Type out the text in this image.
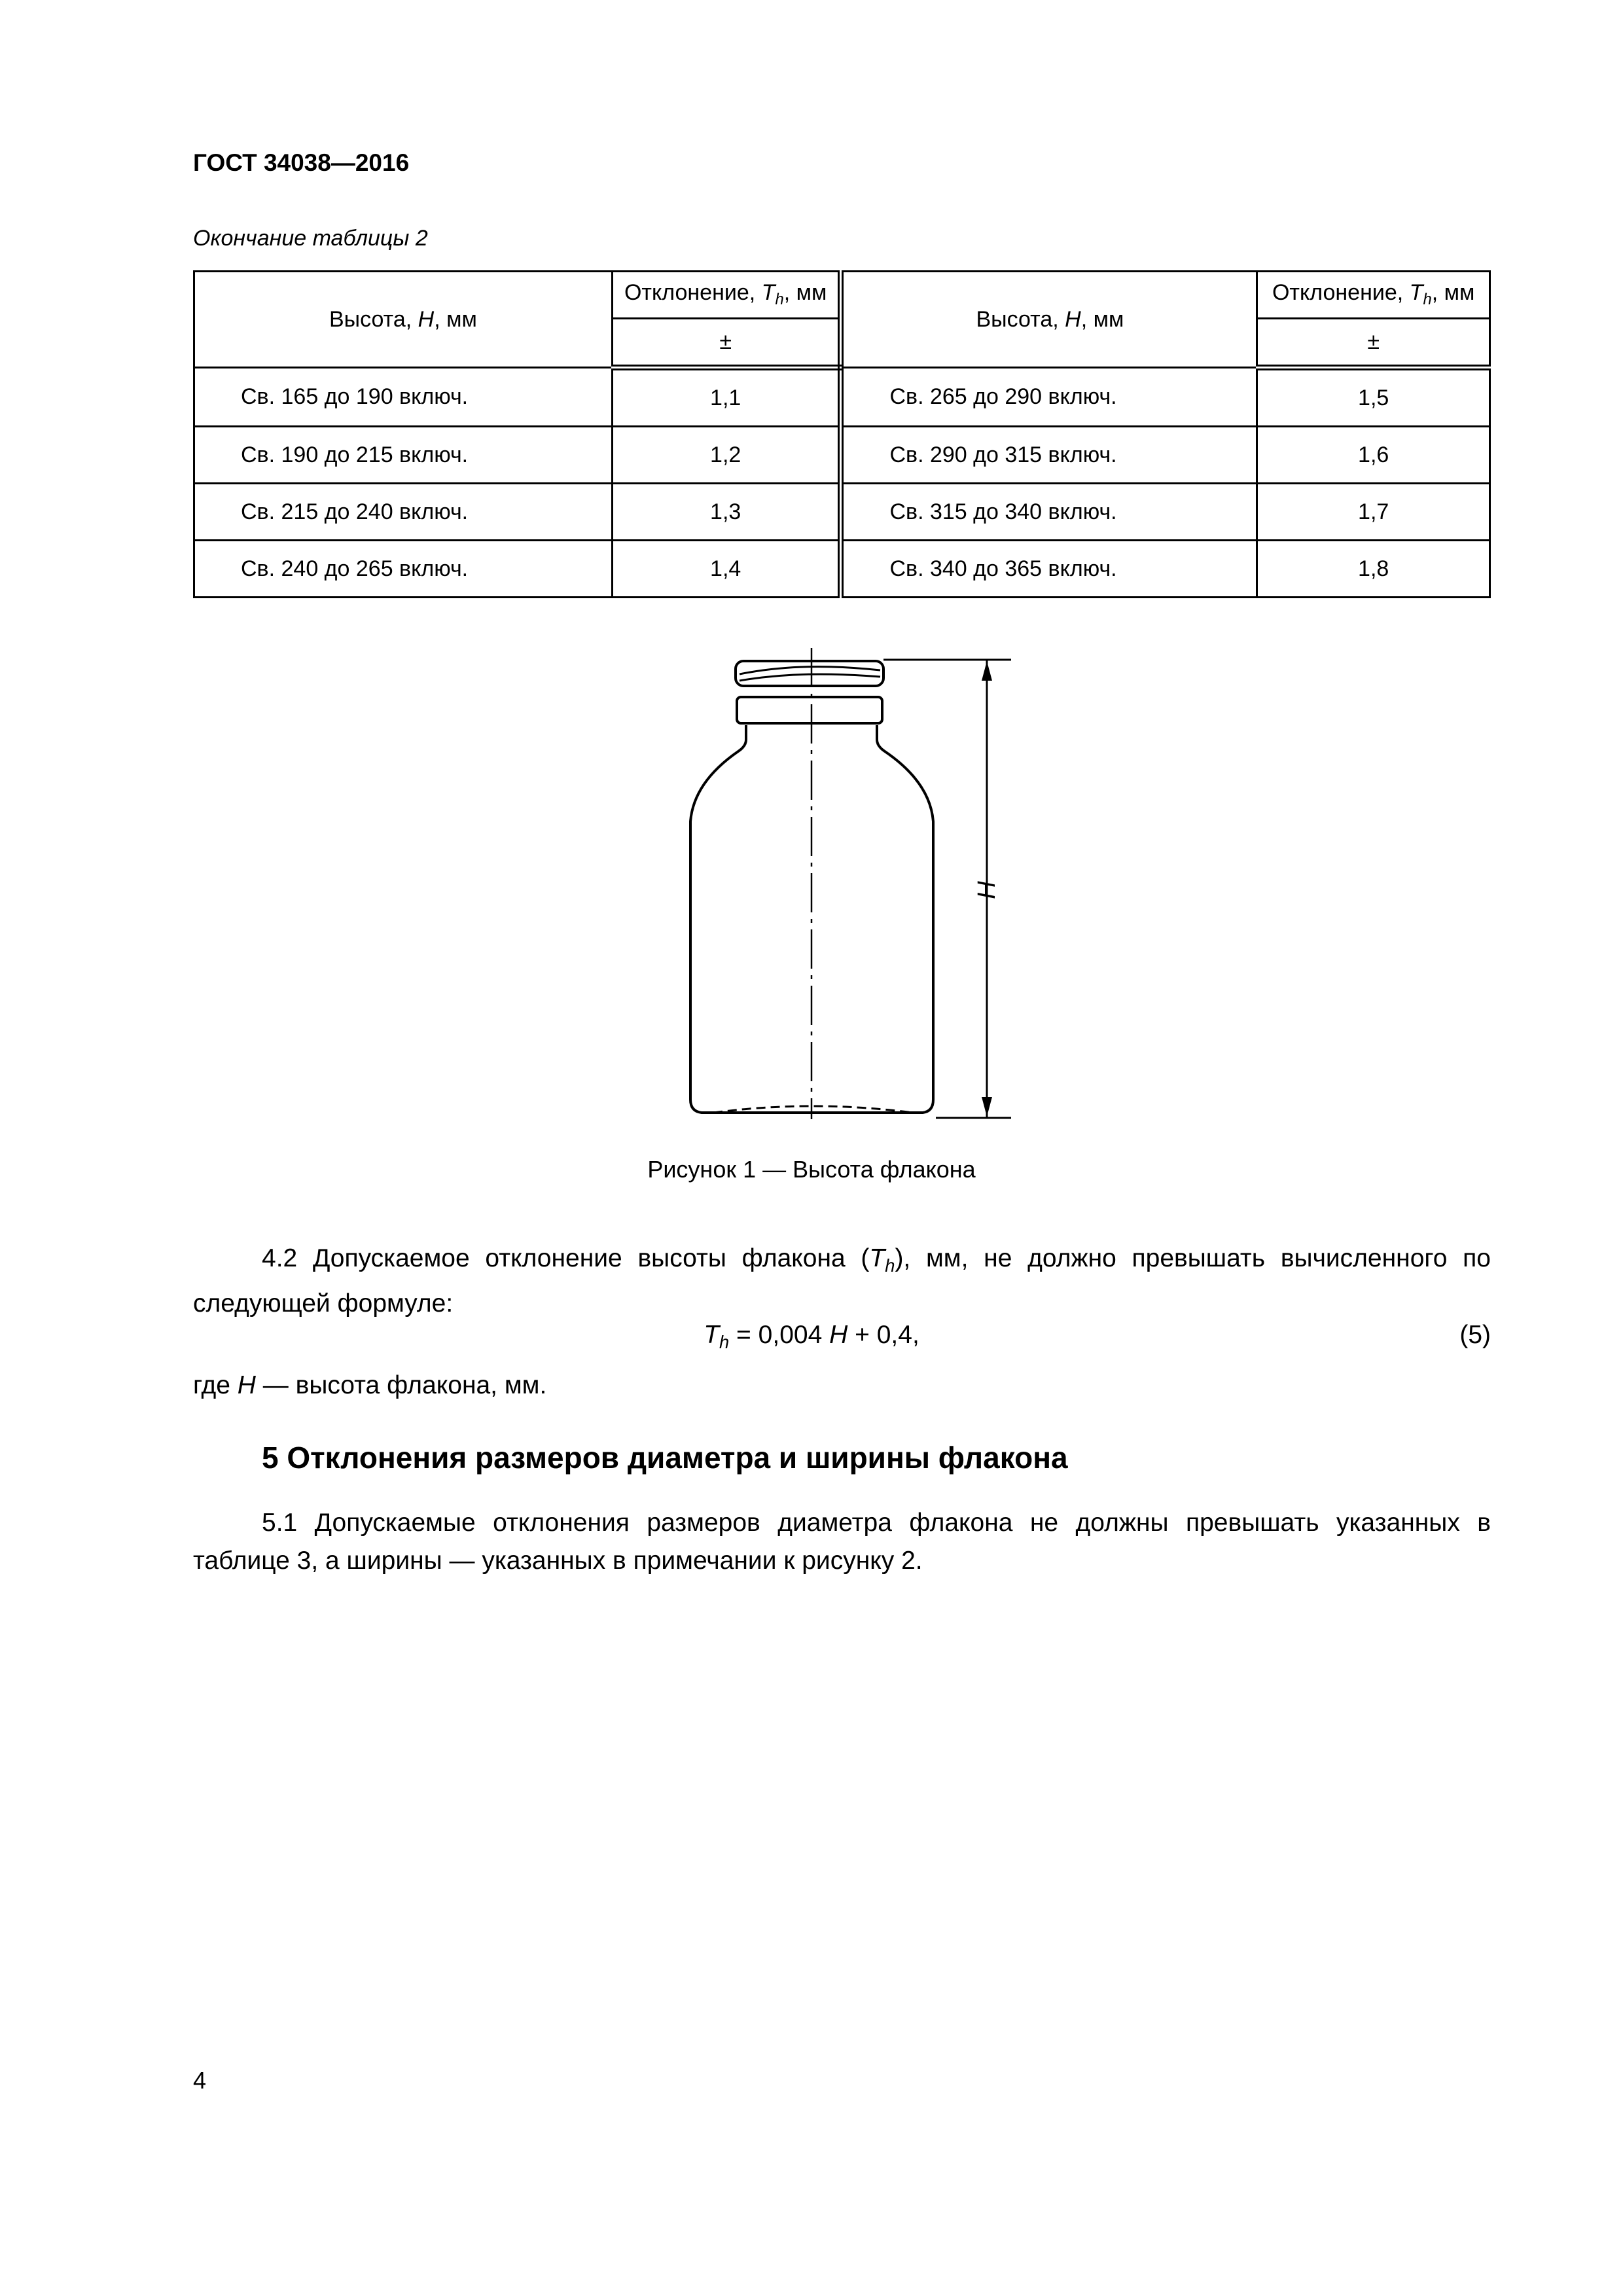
ГОСТ 34038—2016
Окончание таблицы 2
Высота, H, мм	Отклонение, $T_h$, мм	Высота, H, мм	Отклонение, $T_h$, мм
	±		±
Св. 165 до 190 включ.	1,1	Св. 265 до 290 включ.	1,5
Св. 190 до 215 включ.	1,2	Св. 290 до 315 включ.	1,6
Св. 215 до 240 включ.	1,3	Св. 315 до 340 включ.	1,7
Св. 240 до 265 включ.	1,4	Св. 340 до 365 включ.	1,8
H
Рисунок 1 — Высота флакона
4.2 Допускаемое отклонение высоты флакона $(T_h)$, мм, не должно превышать вычисленного по следующей формуле:
$T_h = 0,004$ H + 0,4,	(5)
где H — высота флакона, мм.
5 Отклонения размеров диаметра и ширины флакона
5.1 Допускаемые отклонения размеров диаметра флакона не должны превышать указанных в таблице 3, а ширины — указанных в примечании к рисунку 2.
4
